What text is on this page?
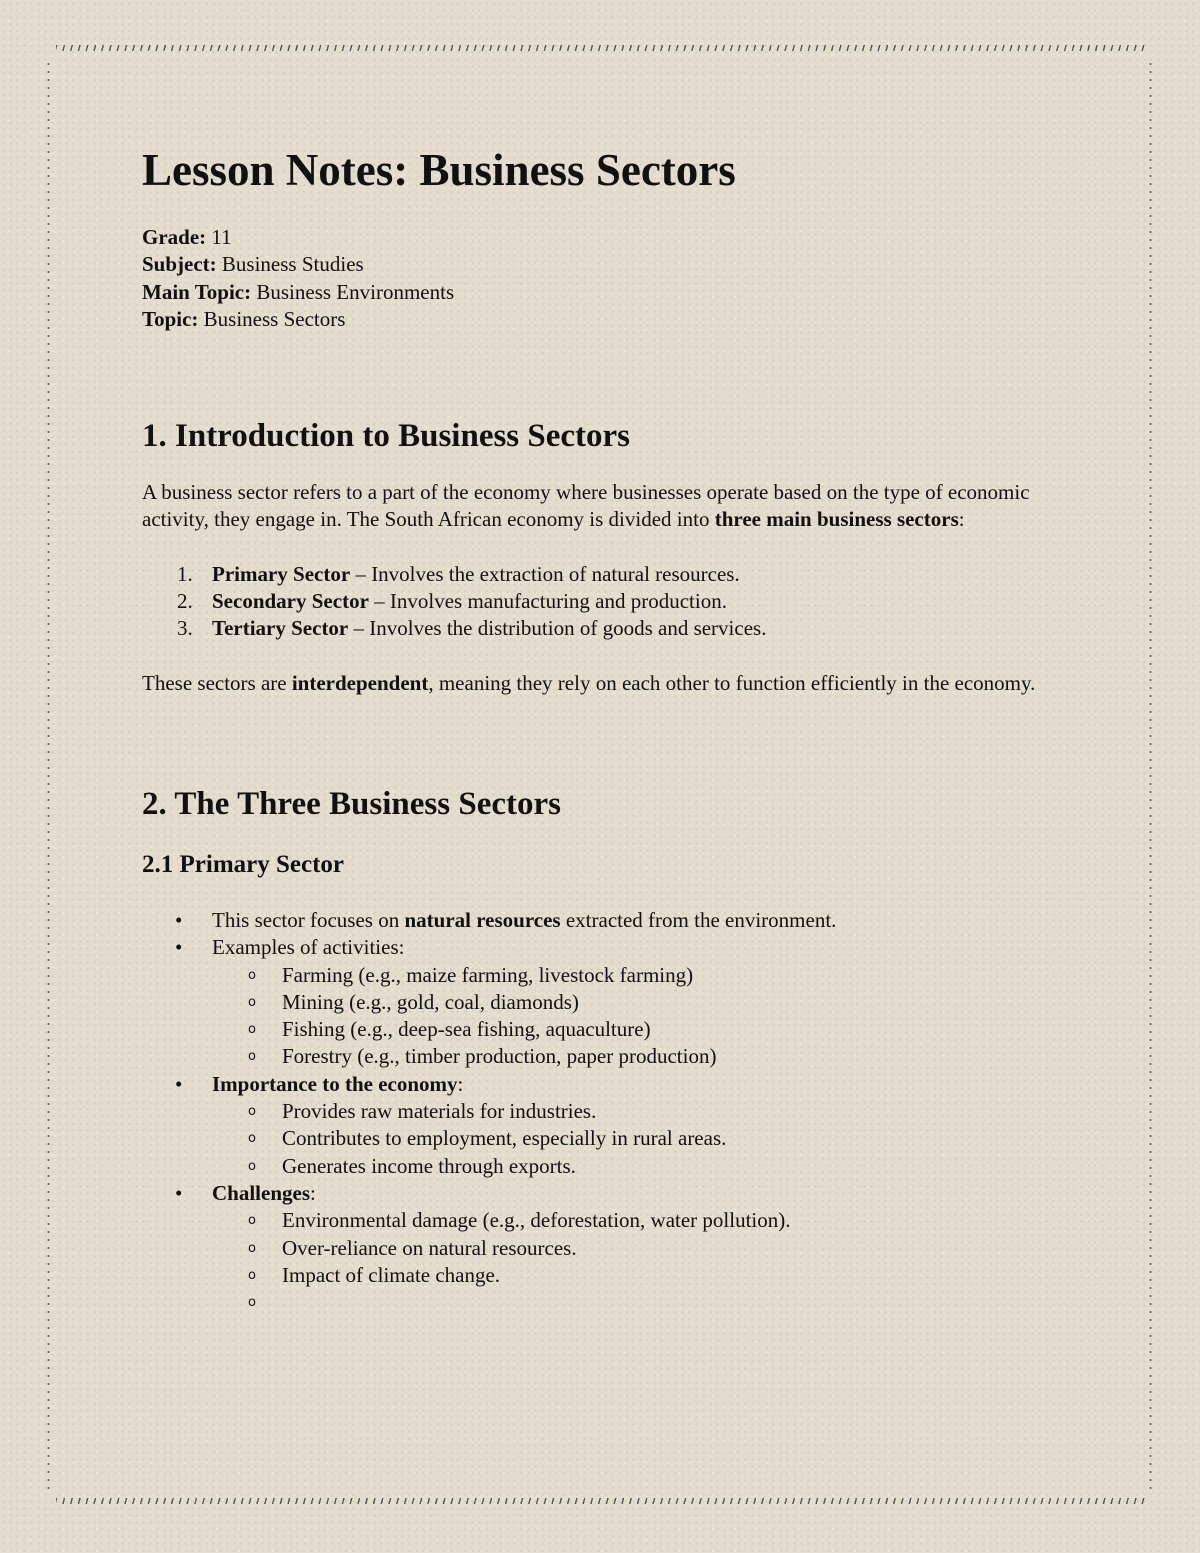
Lesson Notes: Business Sectors
Grade: 11
Subject: Business Studies
Main Topic: Business Environments
Topic: Business Sectors
1. Introduction to Business Sectors

A business sector refers to a part of the economy where businesses operate based on the type of economic activity, they engage in. The South African economy is divided into three main business sectors:

1. Primary Sector – Involves the extraction of natural resources.
2. Secondary Sector – Involves manufacturing and production.
3. Tertiary Sector – Involves the distribution of goods and services.

These sectors are interdependent, meaning they rely on each other to function efficiently in the economy.

2. The Three Business Sectors
2.1 Primary Sector
• This sector focuses on natural resources extracted from the environment.
• Examples of activities:
o Farming (e.g., maize farming, livestock farming)
o Mining (e.g., gold, coal, diamonds)
o Fishing (e.g., deep-sea fishing, aquaculture)
o Forestry (e.g., timber production, paper production)
• Importance to the economy:
o Provides raw materials for industries.
o Contributes to employment, especially in rural areas.
o Generates income through exports.
• Challenges:
o Environmental damage (e.g., deforestation, water pollution).
o Over-reliance on natural resources.
o Impact of climate change.
o
